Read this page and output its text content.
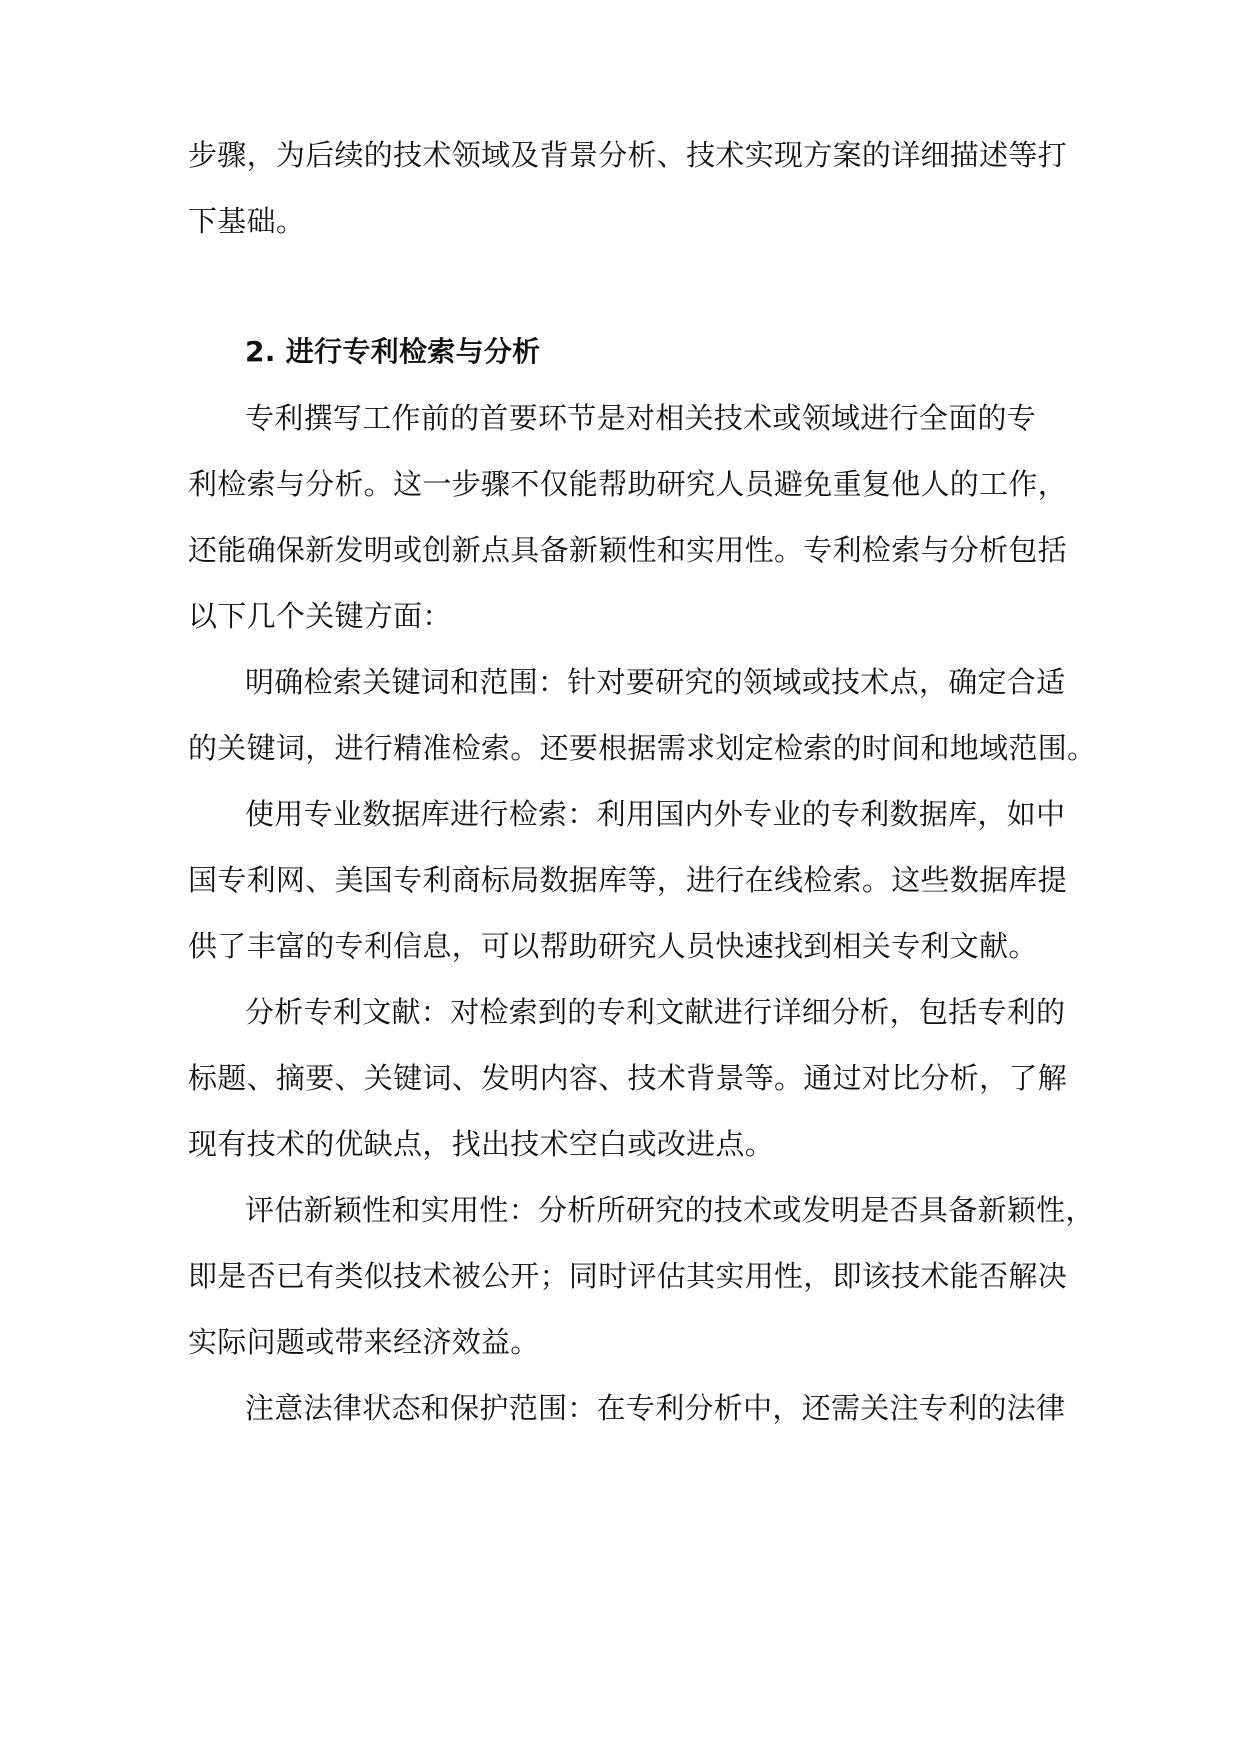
步骤，为后续的技术领域及背景分析、技术实现方案的详细描述等打
下基础。
2. 进行专利检索与分析
专利撰写工作前的首要环节是对相关技术或领域进行全面的专
利检索与分析。这一步骤不仅能帮助研究人员避免重复他人的工作，
还能确保新发明或创新点具备新颖性和实用性。专利检索与分析包括
以下几个关键方面：
明确检索关键词和范围：针对要研究的领域或技术点，确定合适
的关键词，进行精准检索。还要根据需求划定检索的时间和地域范围。
使用专业数据库进行检索：利用国内外专业的专利数据库，如中
国专利网、美国专利商标局数据库等，进行在线检索。这些数据库提
供了丰富的专利信息，可以帮助研究人员快速找到相关专利文献。
分析专利文献：对检索到的专利文献进行详细分析，包括专利的
标题、摘要、关键词、发明内容、技术背景等。通过对比分析，了解
现有技术的优缺点，找出技术空白或改进点。
评估新颖性和实用性：分析所研究的技术或发明是否具备新颖性，
即是否已有类似技术被公开；同时评估其实用性，即该技术能否解决
实际问题或带来经济效益。
注意法律状态和保护范围：在专利分析中，还需关注专利的法律
